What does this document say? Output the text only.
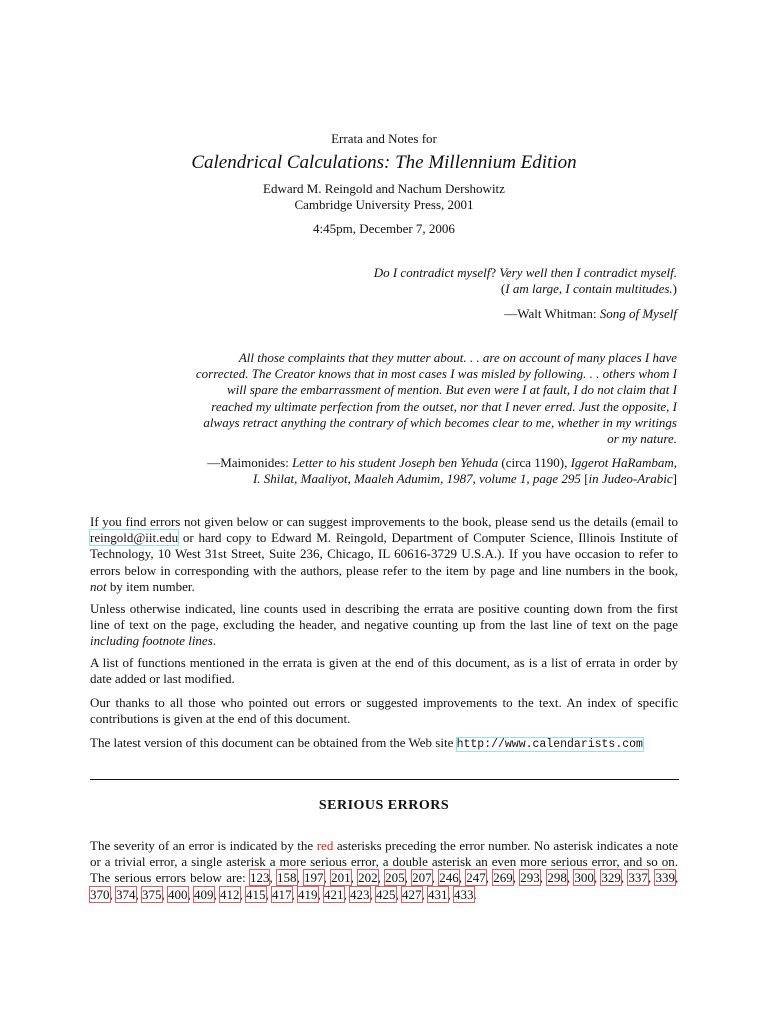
Errata and Notes for
Calendrical Calculations: The Millennium Edition
Edward M. Reingold and Nachum Dershowitz
Cambridge University Press, 2001
4:45pm, December 7, 2006
Do I contradict myself? Very well then I contradict myself.
(I am large, I contain multitudes.)
—Walt Whitman: Song of Myself
All those complaints that they mutter about. . . are on account of many places I have
corrected. The Creator knows that in most cases I was misled by following. . . others whom I
will spare the embarrassment of mention. But even were I at fault, I do not claim that I
reached my ultimate perfection from the outset, nor that I never erred. Just the opposite, I
always retract anything the contrary of which becomes clear to me, whether in my writings
or my nature.
—Maimonides: Letter to his student Joseph ben Yehuda (circa 1190), Iggerot HaRambam,
I. Shilat, Maaliyot, Maaleh Adumim, 1987, volume 1, page 295 [in Judeo-Arabic]

If you find errors not given below or can suggest improvements to the book, please send us the details (email to reingold@iit.edu or hard copy to Edward M. Reingold, Department of Computer Science, Illinois Institute of Technology, 10 West 31st Street, Suite 236, Chicago, IL 60616-3729 U.S.A.). If you have occasion to refer to errors below in corresponding with the authors, please refer to the item by page and line numbers in the book, not by item number.

Unless otherwise indicated, line counts used in describing the errata are positive counting down from the first line of text on the page, excluding the header, and negative counting up from the last line of text on the page including footnote lines.

A list of functions mentioned in the errata is given at the end of this document, as is a list of errata in order by date added or last modified.

Our thanks to all those who pointed out errors or suggested improvements to the text. An index of specific contributions is given at the end of this document.

The latest version of this document can be obtained from the Web site http://www.calendarists.com

SERIOUS ERRORS

The severity of an error is indicated by the red asterisks preceding the error number. No asterisk indicates a note or a trivial error, a single asterisk a more serious error, a double asterisk an even more serious error, and so on. The serious errors below are: 123, 158, 197, 201, 202, 205, 207, 246, 247, 269, 293, 298, 300, 329, 337, 339, 370, 374, 375, 400, 409, 412, 415, 417, 419, 421, 423, 425, 427, 431, 433.
